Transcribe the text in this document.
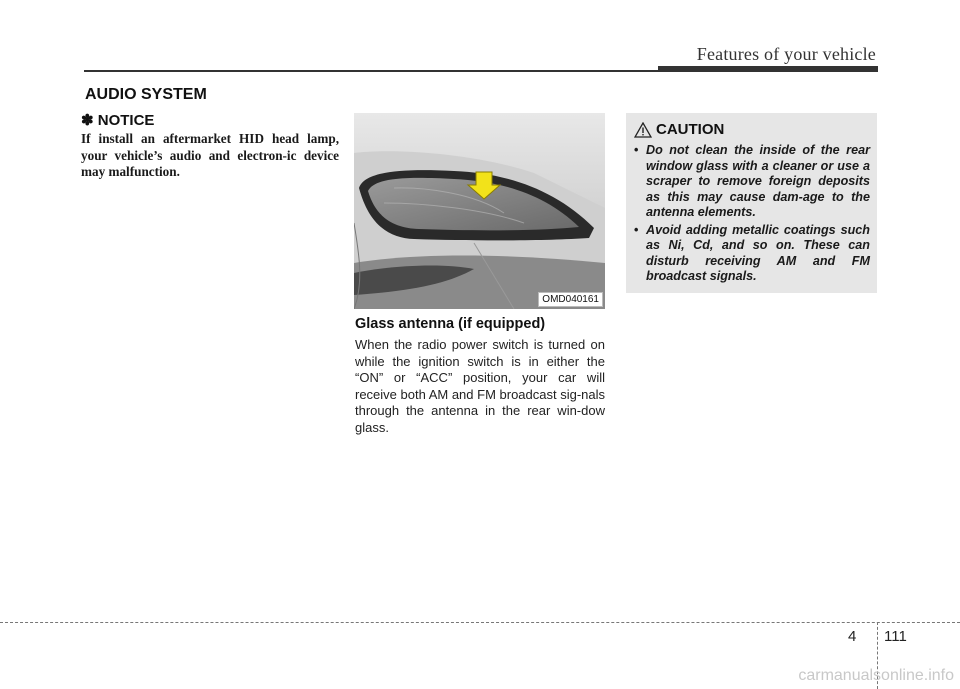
Features of your vehicle
AUDIO SYSTEM
✽ NOTICE
If install an aftermarket HID head lamp, your vehicle’s audio and electron-ic device may malfunction.
OMD040161
Glass antenna (if equipped)
When the radio power switch is turned on while the ignition switch is in either the “ON” or “ACC” position, your car will receive both AM and FM broadcast sig-nals through the antenna in the rear win-dow glass.
CAUTION
• Do not clean the inside of the rear window glass with a cleaner or use a scraper to remove foreign deposits as this may cause dam-age to the antenna elements.
• Avoid adding metallic coatings such as Ni, Cd, and so on. These can disturb receiving AM and FM broadcast signals.
4 111
carmanualsonline.info
